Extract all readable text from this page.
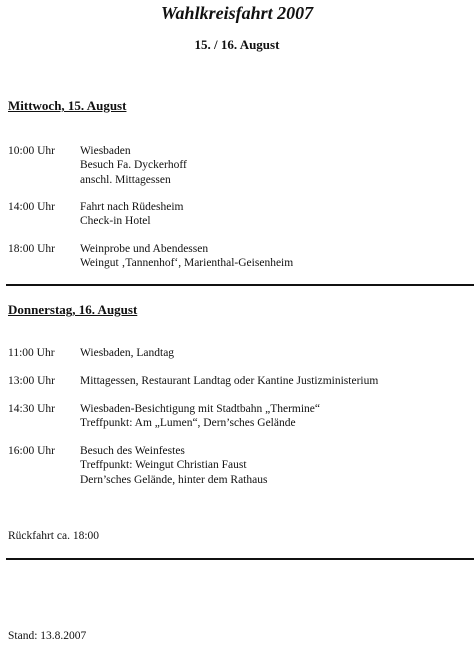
Wahlkreisfahrt 2007
15. / 16. August
Mittwoch, 15. August
10:00 Uhr Wiesbaden
Besuch Fa. Dyckerhoff
anschl. Mittagessen
14:00 Uhr Fahrt nach Rüdesheim
Check-in Hotel
18:00 Uhr Weinprobe und Abendessen
Weingut ‚Tannenhof‘, Marienthal-Geisenheim
Donnerstag, 16. August
11:00 Uhr Wiesbaden, Landtag
13:00 Uhr Mittagessen, Restaurant Landtag oder Kantine Justizministerium
14:30 Uhr Wiesbaden-Besichtigung mit Stadtbahn „Thermine“
Treffpunkt: Am „Lumen“, Dern’sches Gelände
16:00 Uhr Besuch des Weinfestes
Treffpunkt: Weingut Christian Faust
Dern’sches Gelände, hinter dem Rathaus
Rückfahrt ca. 18:00
Stand: 13.8.2007
